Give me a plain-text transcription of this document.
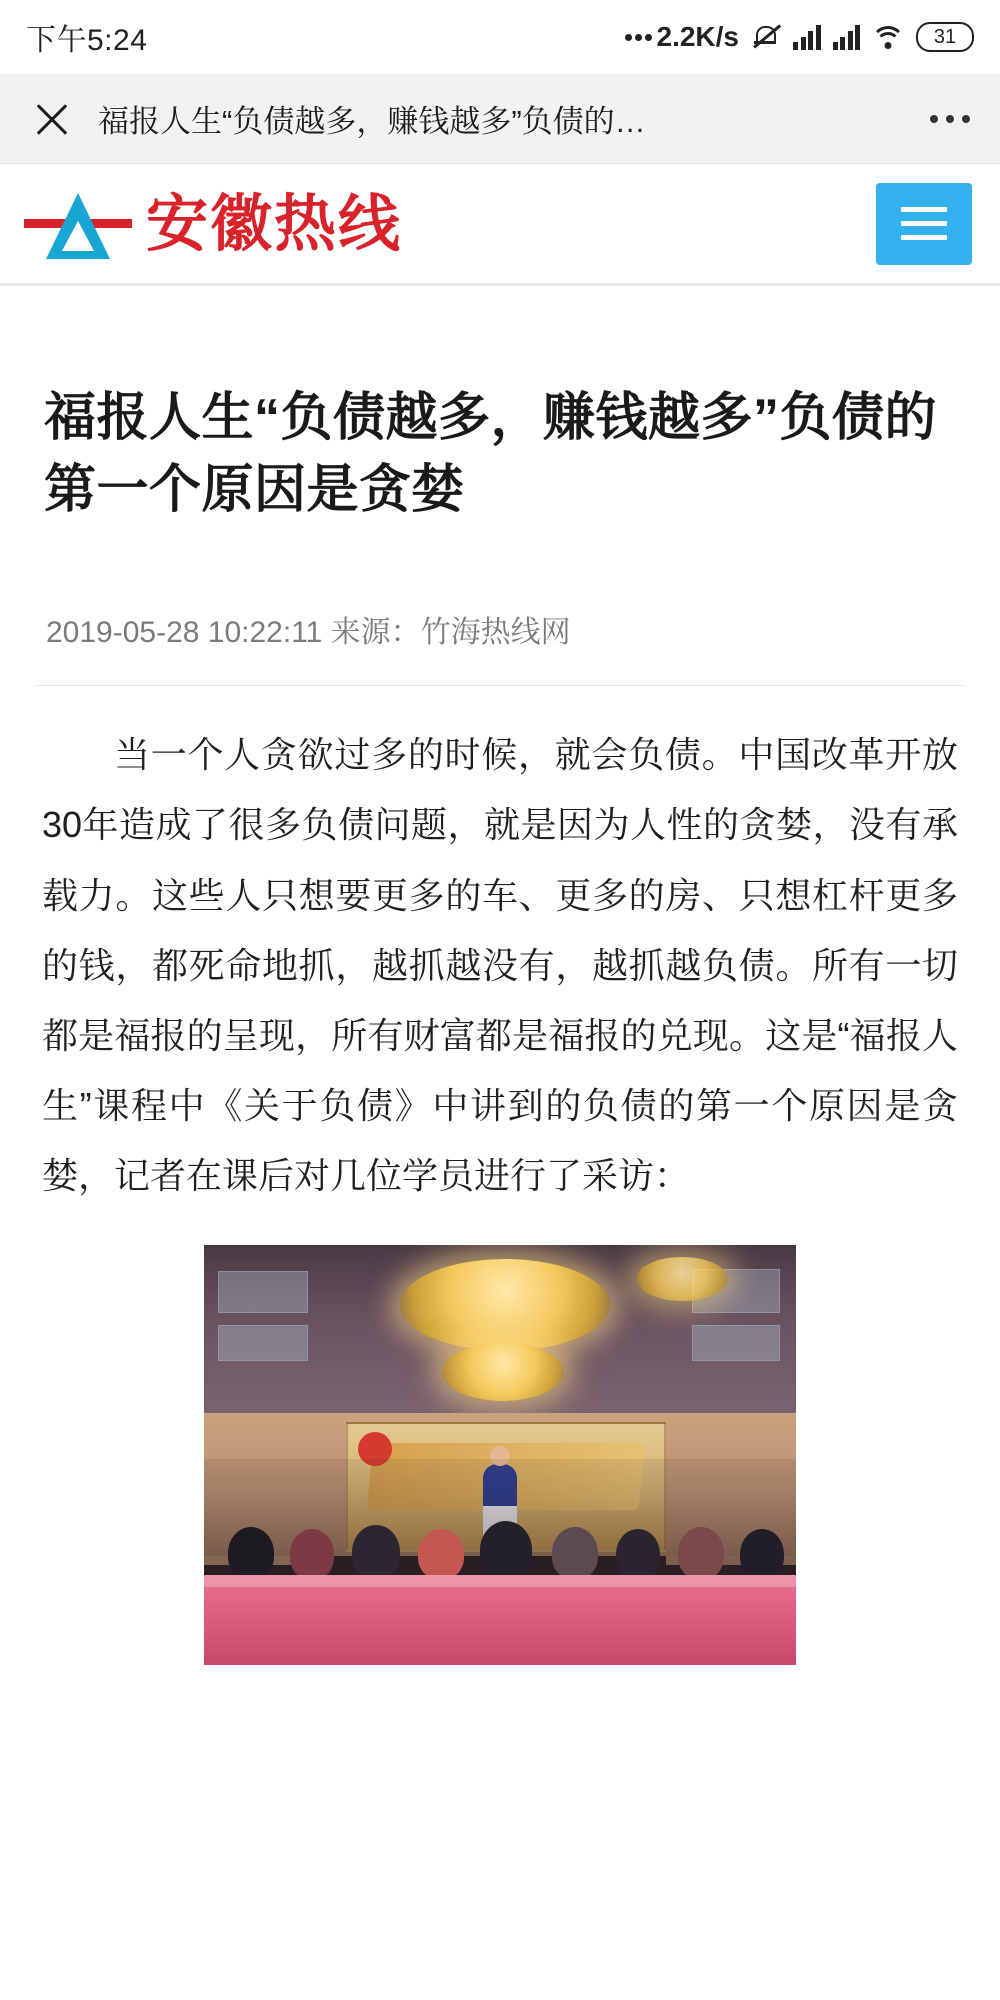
下午5:24	2.2K/s	31
福报人生“负债越多，赚钱越多”负债的…
安徽热线
福报人生“负债越多，赚钱越多”负债的第一个原因是贪婪
2019-05-28 10:22:11 来源：竹海热线网

当一个人贪欲过多的时候，就会负债。中国改革开放30年造成了很多负债问题，就是因为人性的贪婪，没有承载力。这些人只想要更多的车、更多的房、只想杠杆更多的钱，都死命地抓，越抓越没有，越抓越负债。所有一切都是福报的呈现，所有财富都是福报的兑现。这是“福报人生”课程中《关于负债》中讲到的负债的第一个原因是贪婪，记者在课后对几位学员进行了采访：
